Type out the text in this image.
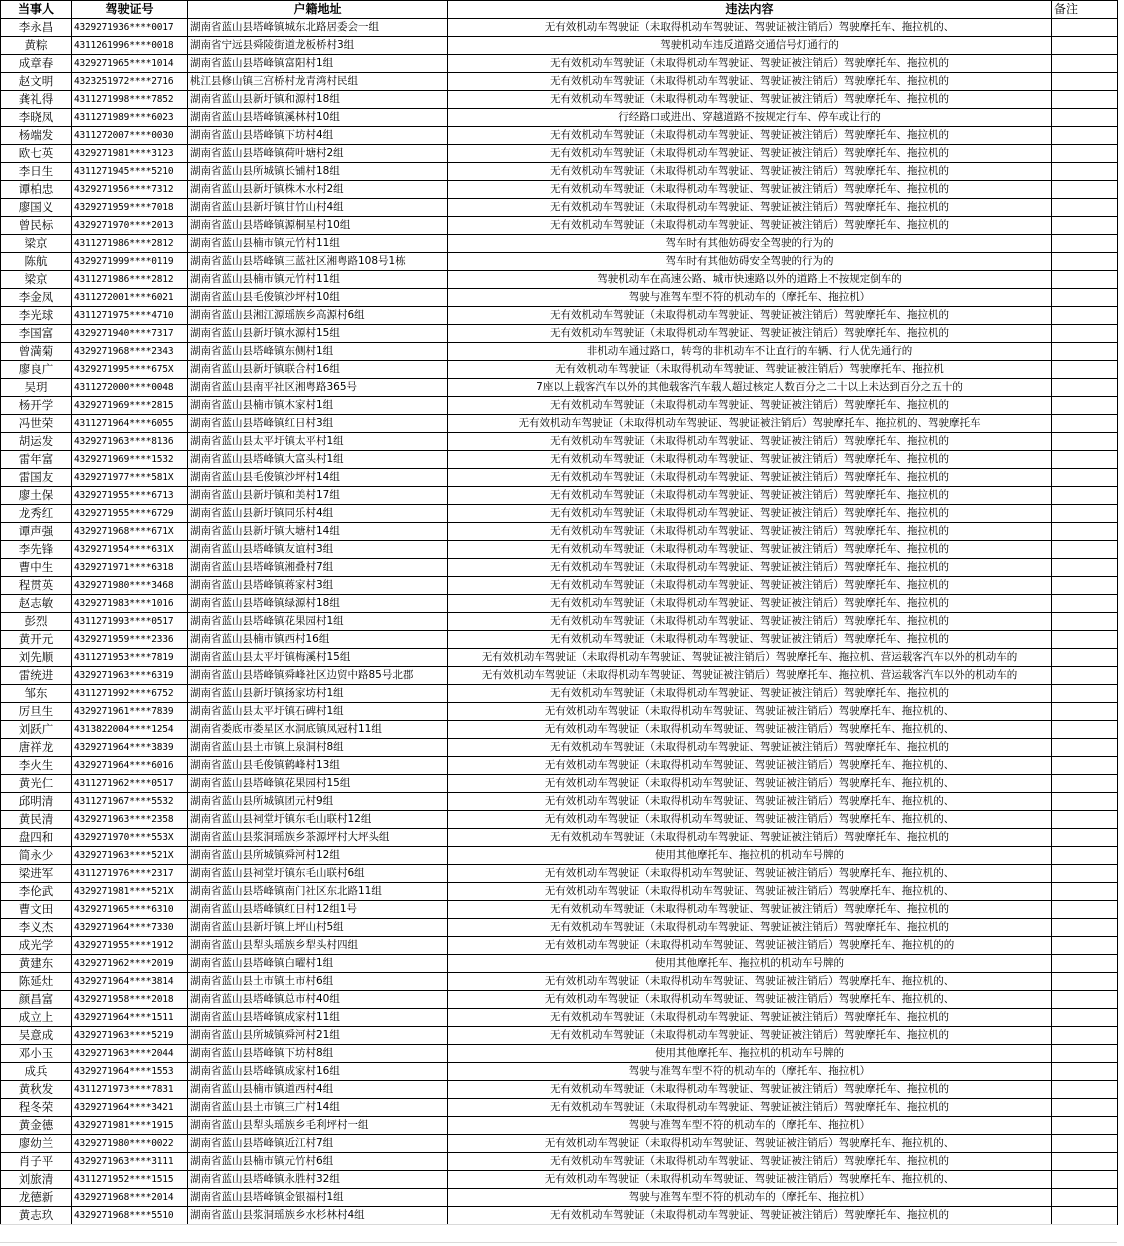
当事人	驾驶证号	户籍地址	违法内容	备注
李永昌	4329271936****0017	湖南省蓝山县塔峰镇城东北路居委会一组	无有效机动车驾驶证（未取得机动车驾驶证、驾驶证被注销后）驾驶摩托车、拖拉机的、	
黄粽	4311261996****0018	湖南省宁远县舜陵街道龙板桥村3组	驾驶机动车违反道路交通信号灯通行的	
成章春	4329271965****1014	湖南省蓝山县塔峰镇富阳村1组	无有效机动车驾驶证（未取得机动车驾驶证、驾驶证被注销后）驾驶摩托车、拖拉机的	
赵文明	4323251972****2716	桃江县修山镇三宫桥村龙青湾村民组	无有效机动车驾驶证（未取得机动车驾驶证、驾驶证被注销后）驾驶摩托车、拖拉机的	
龚礼得	4311271998****7852	湖南省蓝山县新圩镇和源村18组	无有效机动车驾驶证（未取得机动车驾驶证、驾驶证被注销后）驾驶摩托车、拖拉机的	
李晓凤	4311271989****6023	湖南省蓝山县塔峰镇溪林村10组	行经路口或进出、穿越道路不按规定行车、停车或让行的	
杨端发	4311272007****0030	湖南省蓝山县塔峰镇下坊村4组	无有效机动车驾驶证（未取得机动车驾驶证、驾驶证被注销后）驾驶摩托车、拖拉机的	
欧七英	4329271981****3123	湖南省蓝山县塔峰镇荷叶塘村2组	无有效机动车驾驶证（未取得机动车驾驶证、驾驶证被注销后）驾驶摩托车、拖拉机的	
李日生	4311271945****5210	湖南省蓝山县所城镇长铺村18组	无有效机动车驾驶证（未取得机动车驾驶证、驾驶证被注销后）驾驶摩托车、拖拉机的	
谭柏忠	4329271956****7312	湖南省蓝山县新圩镇株木水村2组	无有效机动车驾驶证（未取得机动车驾驶证、驾驶证被注销后）驾驶摩托车、拖拉机的	
廖国义	4329271959****7018	湖南省蓝山县新圩镇甘竹山村4组	无有效机动车驾驶证（未取得机动车驾驶证、驾驶证被注销后）驾驶摩托车、拖拉机的	
曾民标	4329271970****2013	湖南省蓝山县塔峰镇源桐星村10组	无有效机动车驾驶证（未取得机动车驾驶证、驾驶证被注销后）驾驶摩托车、拖拉机的	
梁京	4311271986****2812	湖南省蓝山县楠市镇元竹村11组	驾车时有其他妨碍安全驾驶的行为的	
陈航	4329271999****0119	湖南省蓝山县塔峰镇三蓝社区湘粤路108号1栋	驾车时有其他妨碍安全驾驶的行为的	
梁京	4311271986****2812	湖南省蓝山县楠市镇元竹村11组	驾驶机动车在高速公路、城市快速路以外的道路上不按规定倒车的	
李金凤	4311272001****6021	湖南省蓝山县毛俊镇沙坪村10组	驾驶与准驾车型不符的机动车的（摩托车、拖拉机）	
李光球	4311271975****4710	湖南省蓝山县湘江源瑶族乡高源村6组	无有效机动车驾驶证（未取得机动车驾驶证、驾驶证被注销后）驾驶摩托车、拖拉机的	
李国富	4329271940****7317	湖南省蓝山县新圩镇水源村15组	无有效机动车驾驶证（未取得机动车驾驶证、驾驶证被注销后）驾驶摩托车、拖拉机的	
曾満菊	4329271968****2343	湖南省蓝山县塔峰镇东侧村1组	非机动车通过路口，转弯的非机动车不让直行的车辆、行人优先通行的	
廖良广	4329271995****675X	湖南省蓝山县新圩镇联合村16组	无有效机动车驾驶证（未取得机动车驾驶证、驾驶证被注销后）驾驶摩托车、拖拉机	
吴玥	4311272000****0048	湖南省蓝山县南平社区湘粤路365号	7座以上载客汽车以外的其他载客汽车载人超过核定人数百分之二十以上未达到百分之五十的	
杨开学	4329271969****2815	湖南省蓝山县楠市镇木家村1组	无有效机动车驾驶证（未取得机动车驾驶证、驾驶证被注销后）驾驶摩托车、拖拉机的	
冯世荣	4311271964****6055	湖南省蓝山县塔峰镇红日村3组	无有效机动车驾驶证（未取得机动车驾驶证、驾驶证被注销后）驾驶摩托车、拖拉机的、驾驶摩托车	
胡运发	4329271963****8136	湖南省蓝山县太平圩镇太平村1组	无有效机动车驾驶证（未取得机动车驾驶证、驾驶证被注销后）驾驶摩托车、拖拉机的	
雷年富	4329271969****1532	湖南省蓝山县塔峰镇大富头村1组	无有效机动车驾驶证（未取得机动车驾驶证、驾驶证被注销后）驾驶摩托车、拖拉机的	
雷国友	4329271977****581X	湖南省蓝山县毛俊镇沙坪村14组	无有效机动车驾驶证（未取得机动车驾驶证、驾驶证被注销后）驾驶摩托车、拖拉机的	
廖土保	4329271955****6713	湖南省蓝山县新圩镇和美村17组	无有效机动车驾驶证（未取得机动车驾驶证、驾驶证被注销后）驾驶摩托车、拖拉机的	
龙秀红	4329271955****6729	湖南省蓝山县新圩镇同乐村4组	无有效机动车驾驶证（未取得机动车驾驶证、驾驶证被注销后）驾驶摩托车、拖拉机的	
谭声强	4329271968****671X	湖南省蓝山县新圩镇大塘村14组	无有效机动车驾驶证（未取得机动车驾驶证、驾驶证被注销后）驾驶摩托车、拖拉机的	
李先锋	4329271954****631X	湖南省蓝山县塔峰镇友谊村3组	无有效机动车驾驶证（未取得机动车驾驶证、驾驶证被注销后）驾驶摩托车、拖拉机的	
曹中生	4329271971****6318	湖南省蓝山县塔峰镇湘叠村7组	无有效机动车驾驶证（未取得机动车驾驶证、驾驶证被注销后）驾驶摩托车、拖拉机的	
程贯英	4329271980****3468	湖南省蓝山县塔峰镇蒋家村3组	无有效机动车驾驶证（未取得机动车驾驶证、驾驶证被注销后）驾驶摩托车、拖拉机的	
赵志敏	4329271983****1016	湖南省蓝山县塔峰镇绿源村18组	无有效机动车驾驶证（未取得机动车驾驶证、驾驶证被注销后）驾驶摩托车、拖拉机的	
彭烈	4311271993****0517	湖南省蓝山县塔峰镇花果园村1组	无有效机动车驾驶证（未取得机动车驾驶证、驾驶证被注销后）驾驶摩托车、拖拉机的	
黄开元	4329271959****2336	湖南省蓝山县楠市镇西村16组	无有效机动车驾驶证（未取得机动车驾驶证、驾驶证被注销后）驾驶摩托车、拖拉机的	
刘先顺	4311271953****7819	湖南省蓝山县太平圩镇梅溪村15组	无有效机动车驾驶证（未取得机动车驾驶证、驾驶证被注销后）驾驶摩托车、拖拉机、营运载客汽车以外的机动车的	
雷统进	4329271963****6319	湖南省蓝山县塔峰镇舜峰社区边贸中路85号北郡	无有效机动车驾驶证（未取得机动车驾驶证、驾驶证被注销后）驾驶摩托车、拖拉机、营运载客汽车以外的机动车的	
邹东	4311271992****6752	湖南省蓝山县新圩镇扬家坊村1组	无有效机动车驾驶证（未取得机动车驾驶证、驾驶证被注销后）驾驶摩托车、拖拉机的	
厉旦生	4329271961****7839	湖南省蓝山县太平圩镇石碑村1组	无有效机动车驾驶证（未取得机动车驾驶证、驾驶证被注销后）驾驶摩托车、拖拉机的、	
刘跃广	4313822004****1254	湖南省娄底市娄星区水洞底镇凤冠村11组	无有效机动车驾驶证（未取得机动车驾驶证、驾驶证被注销后）驾驶摩托车、拖拉机的、	
唐祥龙	4329271964****3839	湖南省蓝山县土市镇上泉洞村8组	无有效机动车驾驶证（未取得机动车驾驶证、驾驶证被注销后）驾驶摩托车、拖拉机的	
李火生	4329271964****6016	湖南省蓝山县毛俊镇鹤峰村13组	无有效机动车驾驶证（未取得机动车驾驶证、驾驶证被注销后）驾驶摩托车、拖拉机的、	
黄光仁	4311271962****0517	湖南省蓝山县塔峰镇花果园村15组	无有效机动车驾驶证（未取得机动车驾驶证、驾驶证被注销后）驾驶摩托车、拖拉机的、	
邱明清	4311271967****5532	湖南省蓝山县所城镇团元村9组	无有效机动车驾驶证（未取得机动车驾驶证、驾驶证被注销后）驾驶摩托车、拖拉机的、	
黄民清	4329271963****2358	湖南省蓝山县祠堂圩镇东毛山联村12组	无有效机动车驾驶证（未取得机动车驾驶证、驾驶证被注销后）驾驶摩托车、拖拉机的、	
盘四和	4329271970****553X	湖南省蓝山县浆洞瑶族乡茶源坪村大坪头组	无有效机动车驾驶证（未取得机动车驾驶证、驾驶证被注销后）驾驶摩托车、拖拉机的	
简永少	4329271963****521X	湖南省蓝山县所城镇舜河村12组	使用其他摩托车、拖拉机的机动车号牌的	
梁进军	4311271976****2317	湖南省蓝山县祠堂圩镇东毛山联村6组	无有效机动车驾驶证（未取得机动车驾驶证、驾驶证被注销后）驾驶摩托车、拖拉机的、	
李伦武	4329271981****521X	湖南省蓝山县塔峰镇南门社区东北路11组	无有效机动车驾驶证（未取得机动车驾驶证、驾驶证被注销后）驾驶摩托车、拖拉机的、	
曹文田	4329271965****6310	湖南省蓝山县塔峰镇红日村12组1号	无有效机动车驾驶证（未取得机动车驾驶证、驾驶证被注销后）驾驶摩托车、拖拉机的	
李义杰	4329271964****7330	湖南省蓝山县新圩镇上坪山村5组	无有效机动车驾驶证（未取得机动车驾驶证、驾驶证被注销后）驾驶摩托车、拖拉机的	
成光学	4329271955****1912	湖南省蓝山县犁头瑶族乡犁头村四组	无有效机动车驾驶证（未取得机动车驾驶证、驾驶证被注销后）驾驶摩托车、拖拉机的的	
黄建东	4329271962****2019	湖南省蓝山县塔峰镇白曜村1组	使用其他摩托车、拖拉机的机动车号牌的	
陈延灶	4329271964****3814	湖南省蓝山县土市镇土市村6组	无有效机动车驾驶证（未取得机动车驾驶证、驾驶证被注销后）驾驶摩托车、拖拉机的、	
颜昌富	4329271958****2018	湖南省蓝山县塔峰镇总市村40组	无有效机动车驾驶证（未取得机动车驾驶证、驾驶证被注销后）驾驶摩托车、拖拉机的、	
成立上	4329271964****1511	湖南省蓝山县塔峰镇成家村11组	无有效机动车驾驶证（未取得机动车驾驶证、驾驶证被注销后）驾驶摩托车、拖拉机的	
吴意成	4329271963****5219	湖南省蓝山县所城镇舜河村21组	无有效机动车驾驶证（未取得机动车驾驶证、驾驶证被注销后）驾驶摩托车、拖拉机的	
邓小玉	4329271963****2044	湖南省蓝山县塔峰镇下坊村8组	使用其他摩托车、拖拉机的机动车号牌的	
成兵	4329271964****1553	湖南省蓝山县塔峰镇成家村16组	驾驶与准驾车型不符的机动车的（摩托车、拖拉机）	
黄秋发	4311271973****7831	湖南省蓝山县楠市镇道西村4组	无有效机动车驾驶证（未取得机动车驾驶证、驾驶证被注销后）驾驶摩托车、拖拉机的	
程冬荣	4329271964****3421	湖南省蓝山县土市镇三广村14组	无有效机动车驾驶证（未取得机动车驾驶证、驾驶证被注销后）驾驶摩托车、拖拉机的	
黄金德	4329271981****1915	湖南省蓝山县犁头瑶族乡毛利坪村一组	驾驶与准驾车型不符的机动车的（摩托车、拖拉机）	
廖幼兰	4329271980****0022	湖南省蓝山县塔峰镇近江村7组	无有效机动车驾驶证（未取得机动车驾驶证、驾驶证被注销后）驾驶摩托车、拖拉机的、	
肖子平	4329271963****3111	湖南省蓝山县楠市镇元竹村6组	无有效机动车驾驶证（未取得机动车驾驶证、驾驶证被注销后）驾驶摩托车、拖拉机的	
刘旅清	4311271952****1515	湖南省蓝山县塔峰镇永胜村32组	无有效机动车驾驶证（未取得机动车驾驶证、驾驶证被注销后）驾驶摩托车、拖拉机的、	
龙德新	4329271968****2014	湖南省蓝山县塔峰镇金银福村1组	驾驶与准驾车型不符的机动车的（摩托车、拖拉机）	
黄志玖	4329271968****5510	湖南省蓝山县浆洞瑶族乡水杉林村4组	无有效机动车驾驶证（未取得机动车驾驶证、驾驶证被注销后）驾驶摩托车、拖拉机的	
